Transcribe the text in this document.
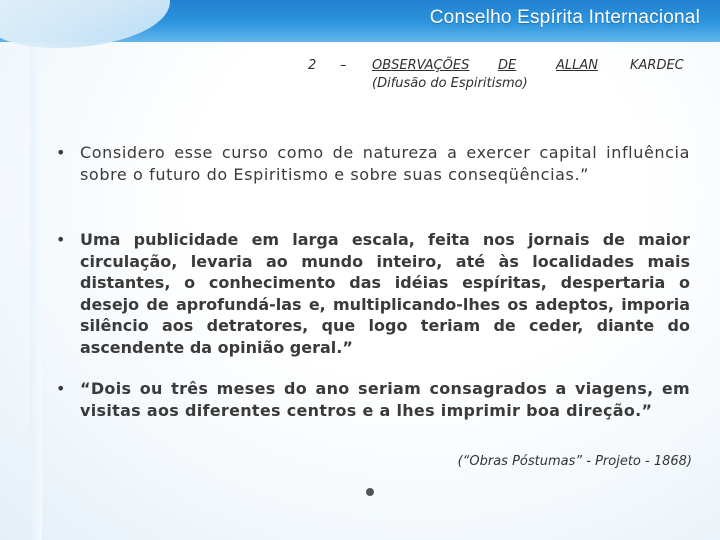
Conselho Espírita Internacional
2 – OBSERVAÇÕES DE	ALLAN KARDEC
(Difusão do Espiritismo)
• Considero esse curso como de natureza a exercer capital influência sobre o futuro do Espiritismo e sobre suas conseqüências.”

• Uma publicidade em larga escala, feita nos jornais de maior circulação, levaria ao mundo inteiro, até às localidades mais distantes, o conhecimento das idéias espíritas, despertaria o desejo de aprofundá-las e, multiplicando-lhes os adeptos, imporia silêncio aos detratores, que logo teriam de ceder, diante do ascendente da opinião geral.”

• “Dois ou três meses do ano seriam consagrados a viagens, em visitas aos diferentes centros e a lhes imprimir boa direção.”

(“Obras Póstumas” - Projeto - 1868)
